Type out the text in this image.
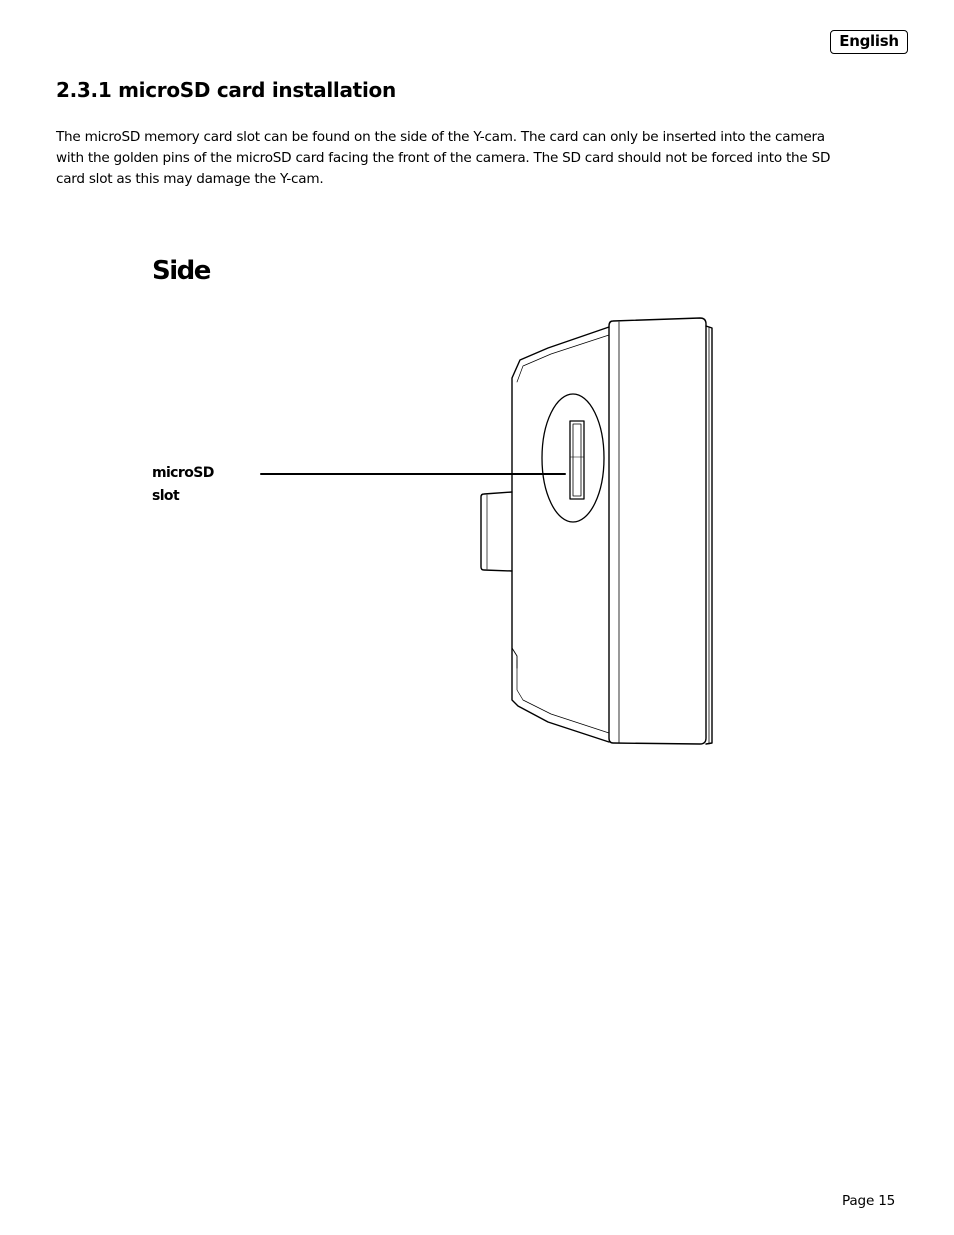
English
2.3.1 microSD card installation

The microSD memory card slot can be found on the side of the Y-cam. The card can only be inserted into the camera
with the golden pins of the microSD card facing the front of the camera. The SD card should not be forced into the SD
card slot as this may damage the Y-cam.

Side
microSD
slot
Page 15
